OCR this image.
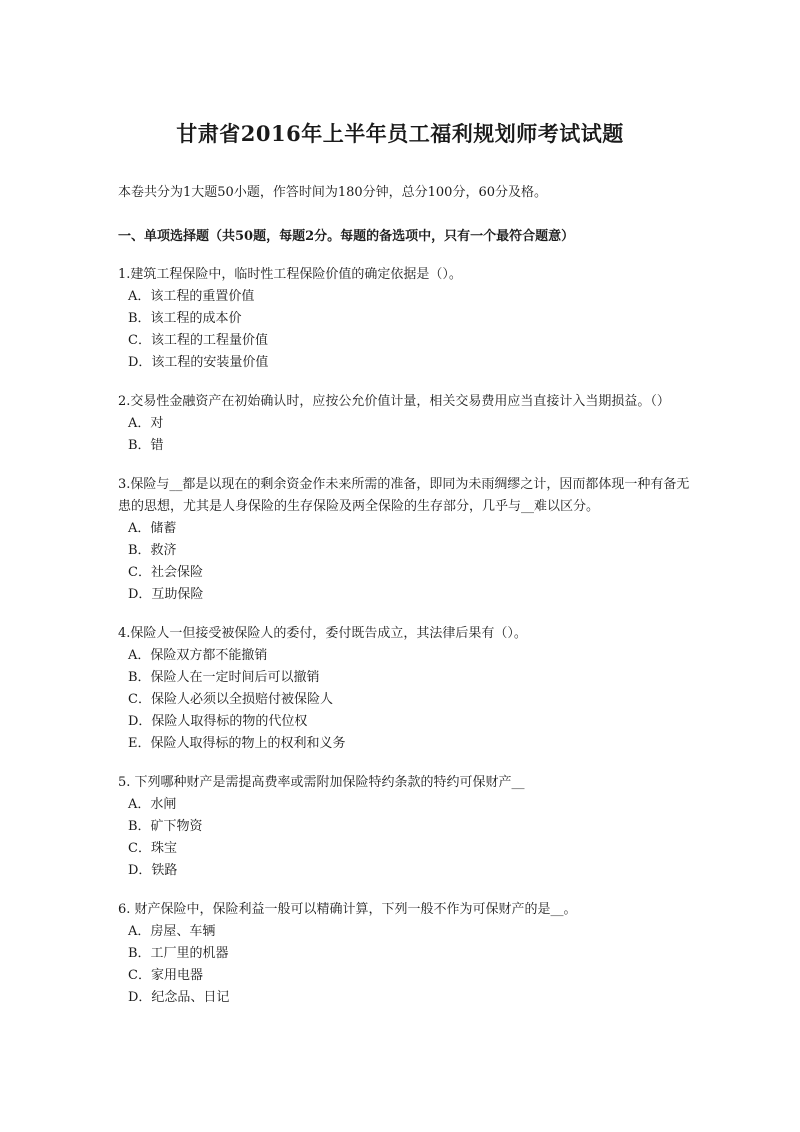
甘肃省2016年上半年员工福利规划师考试试题
本卷共分为1大题50小题，作答时间为180分钟，总分100分，60分及格。
一、单项选择题（共50题，每题2分。每题的备选项中，只有一个最符合题意）
1.建筑工程保险中，临时性工程保险价值的确定依据是（）。
A．该工程的重置价值
B．该工程的成本价
C．该工程的工程量价值
D．该工程的安装量价值
2.交易性金融资产在初始确认时，应按公允价值计量，相关交易费用应当直接计入当期损益。（）
A．对
B．错
3.保险与__都是以现在的剩余资金作未来所需的准备，即同为未雨绸缪之计，因而都体现一种有备无患的思想，尤其是人身保险的生存保险及两全保险的生存部分，几乎与__难以区分。
A．储蓄
B．救济
C．社会保险
D．互助保险
4.保险人一但接受被保险人的委付，委付既告成立，其法律后果有（）。
A．保险双方都不能撤销
B．保险人在一定时间后可以撤销
C．保险人必须以全损赔付被保险人
D．保险人取得标的物的代位权
E．保险人取得标的物上的权利和义务
5. 下列哪种财产是需提高费率或需附加保险特约条款的特约可保财产__
A．水闸
B．矿下物资
C．珠宝
D．铁路
6. 财产保险中，保险利益一般可以精确计算，下列一般不作为可保财产的是__。
A．房屋、车辆
B．工厂里的机器
C．家用电器
D．纪念品、日记
